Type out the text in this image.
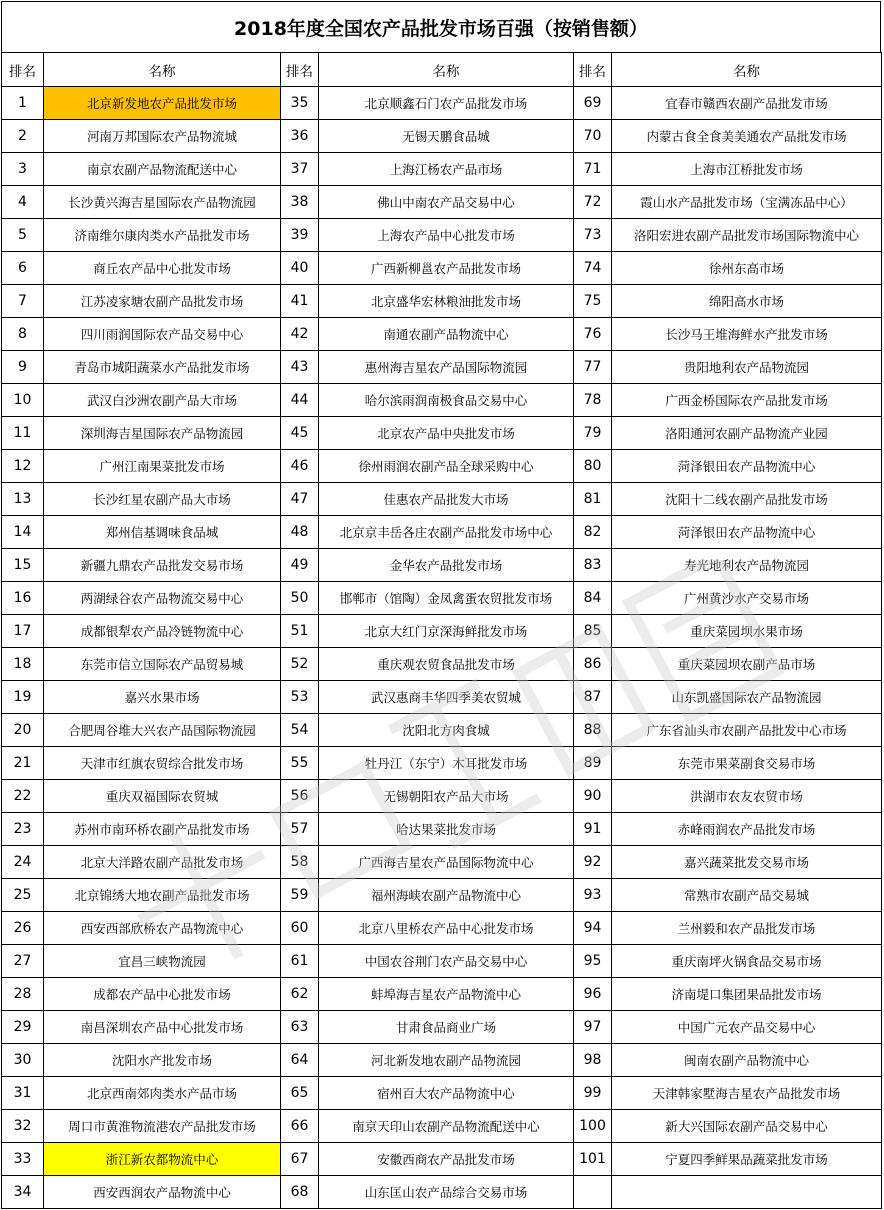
2018年度全国农产品批发市场百强（按销售额）
排名	名称	排名	名称	排名	名称
1	北京新发地农产品批发市场	35	北京顺鑫石门农产品批发市场	69	宜春市赣西农副产品批发市场
2	河南万邦国际农产品物流城	36	无锡天鹏食品城	70	内蒙古食全食美美通农产品批发市场
3	南京农副产品物流配送中心	37	上海江杨农产品市场	71	上海市江桥批发市场
4	长沙黄兴海吉星国际农产品物流园	38	佛山中南农产品交易中心	72	霞山水产品批发市场（宝满冻品中心）
5	济南维尔康肉类水产品批发市场	39	上海农产品中心批发市场	73	洛阳宏进农副产品批发市场国际物流中心
6	商丘农产品中心批发市场	40	广西新柳邕农产品批发市场	74	徐州东高市场
7	江苏凌家塘农副产品批发市场	41	北京盛华宏林粮油批发市场	75	绵阳高水市场
8	四川雨润国际农产品交易中心	42	南通农副产品物流中心	76	长沙马王堆海鲜水产批发市场
9	青岛市城阳蔬菜水产品批发市场	43	惠州海吉星农产品国际物流园	77	贵阳地利农产品物流园
10	武汉白沙洲农副产品大市场	44	哈尔滨雨润南极食品交易中心	78	广西金桥国际农产品批发市场
11	深圳海吉星国际农产品物流园	45	北京农产品中央批发市场	79	洛阳通河农副产品物流产业园
12	广州江南果菜批发市场	46	徐州雨润农副产品全球采购中心	80	菏泽银田农产品物流中心
13	长沙红星农副产品大市场	47	佳惠农产品批发大市场	81	沈阳十二线农副产品批发市场
14	郑州信基调味食品城	48	北京京丰岳各庄农副产品批发市场中心	82	菏泽银田农产品物流中心
15	新疆九鼎农产品批发交易市场	49	金华农产品批发市场	83	寿光地利农产品物流园
16	两湖绿谷农产品物流交易中心	50	邯郸市（馆陶）金凤禽蛋农贸批发市场	84	广州黄沙水产交易市场
17	成都银犁农产品冷链物流中心	51	北京大红门京深海鲜批发市场	85	重庆菜园坝水果市场
18	东莞市信立国际农产品贸易城	52	重庆观农贸食品批发市场	86	重庆菜园坝农副产品市场
19	嘉兴水果市场	53	武汉惠商丰华四季美农贸城	87	山东凯盛国际农产品物流园
20	合肥周谷堆大兴农产品国际物流园	54	沈阳北方肉食城	88	广东省汕头市农副产品批发中心市场
21	天津市红旗农贸综合批发市场	55	牡丹江（东宁）木耳批发市场	89	东莞市果菜副食交易市场
22	重庆双福国际农贸城	56	无锡朝阳农产品大市场	90	洪湖市农友农贸市场
23	苏州市南环桥农副产品批发市场	57	哈达果菜批发市场	91	赤峰雨润农产品批发市场
24	北京大洋路农副产品批发市场	58	广西海吉星农产品国际物流中心	92	嘉兴蔬菜批发交易市场
25	北京锦绣大地农副产品批发市场	59	福州海峡农副产品物流中心	93	常熟市农副产品交易城
26	西安西部欣桥农产品物流中心	60	北京八里桥农产品中心批发市场	94	兰州毅和农产品批发市场
27	宜昌三峡物流园	61	中国农谷荆门农产品交易中心	95	重庆南坪火锅食品交易市场
28	成都农产品中心批发市场	62	蚌埠海吉星农产品物流中心	96	济南堤口集团果品批发市场
29	南昌深圳农产品中心批发市场	63	甘肃食品商业广场	97	中国广元农产品交易中心
30	沈阳水产批发市场	64	河北新发地农副产品物流园	98	闽南农副产品物流中心
31	北京西南郊肉类水产品市场	65	宿州百大农产品物流中心	99	天津韩家墅海吉星农产品批发市场
32	周口市黄淮物流港农产品批发市场	66	南京天印山农副产品物流配送中心	100	新大兴国际农副产品交易中心
33	浙江新农都物流中心	67	安徽西商农产品批发市场	101	宁夏四季鲜果品蔬菜批发市场
34	西安西润农产品物流中心	68	山东匡山农产品综合交易市场		
